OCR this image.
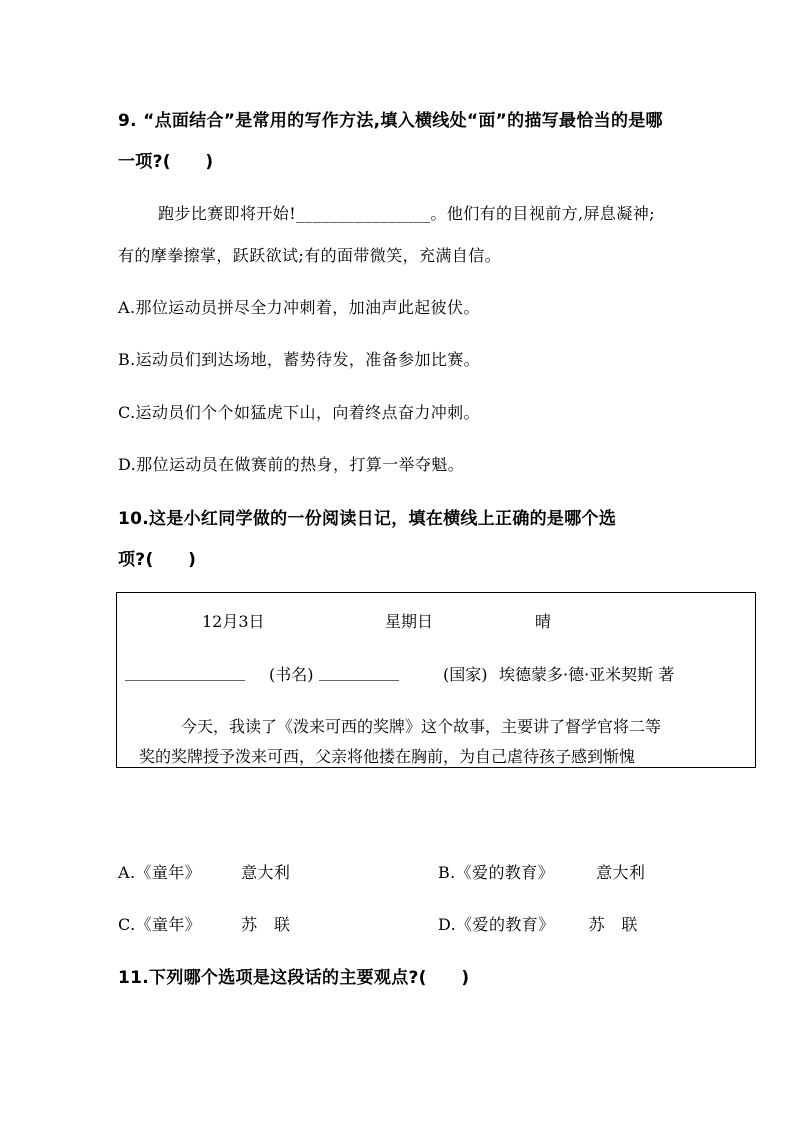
9. “点面结合”是常用的写作方法,填入横线处“面”的描写最恰当的是哪
一项?(　　)
跑步比赛即将开始!________________。他们有的目视前方,屏息凝神;
有的摩拳擦掌，跃跃欲试;有的面带微笑，充满自信。
A.那位运动员拼尽全力冲刺着，加油声此起彼伏。
B.运动员们到达场地，蓄势待发，准备参加比赛。
C.运动员们个个如猛虎下山，向着终点奋力冲刺。
D.那位运动员在做赛前的热身，打算一举夺魁。
10.这是小红同学做的一份阅读日记，填在横线上正确的是哪个选
项?(　　)
12月3日	星期日	晴
_______________ (书名) __________	(国家) 埃德蒙多·德·亚米契斯 著
今天，我读了《泼来可西的奖牌》这个故事，主要讲了督学官将二等
奖的奖牌授予泼来可西，父亲将他搂在胸前，为自己虐待孩子感到惭愧
A.《童年》	意大利	B.《爱的教育》	意大利
C.《童年》	苏　联	D.《爱的教育》 苏　联
11.下列哪个选项是这段话的主要观点?(　　)
